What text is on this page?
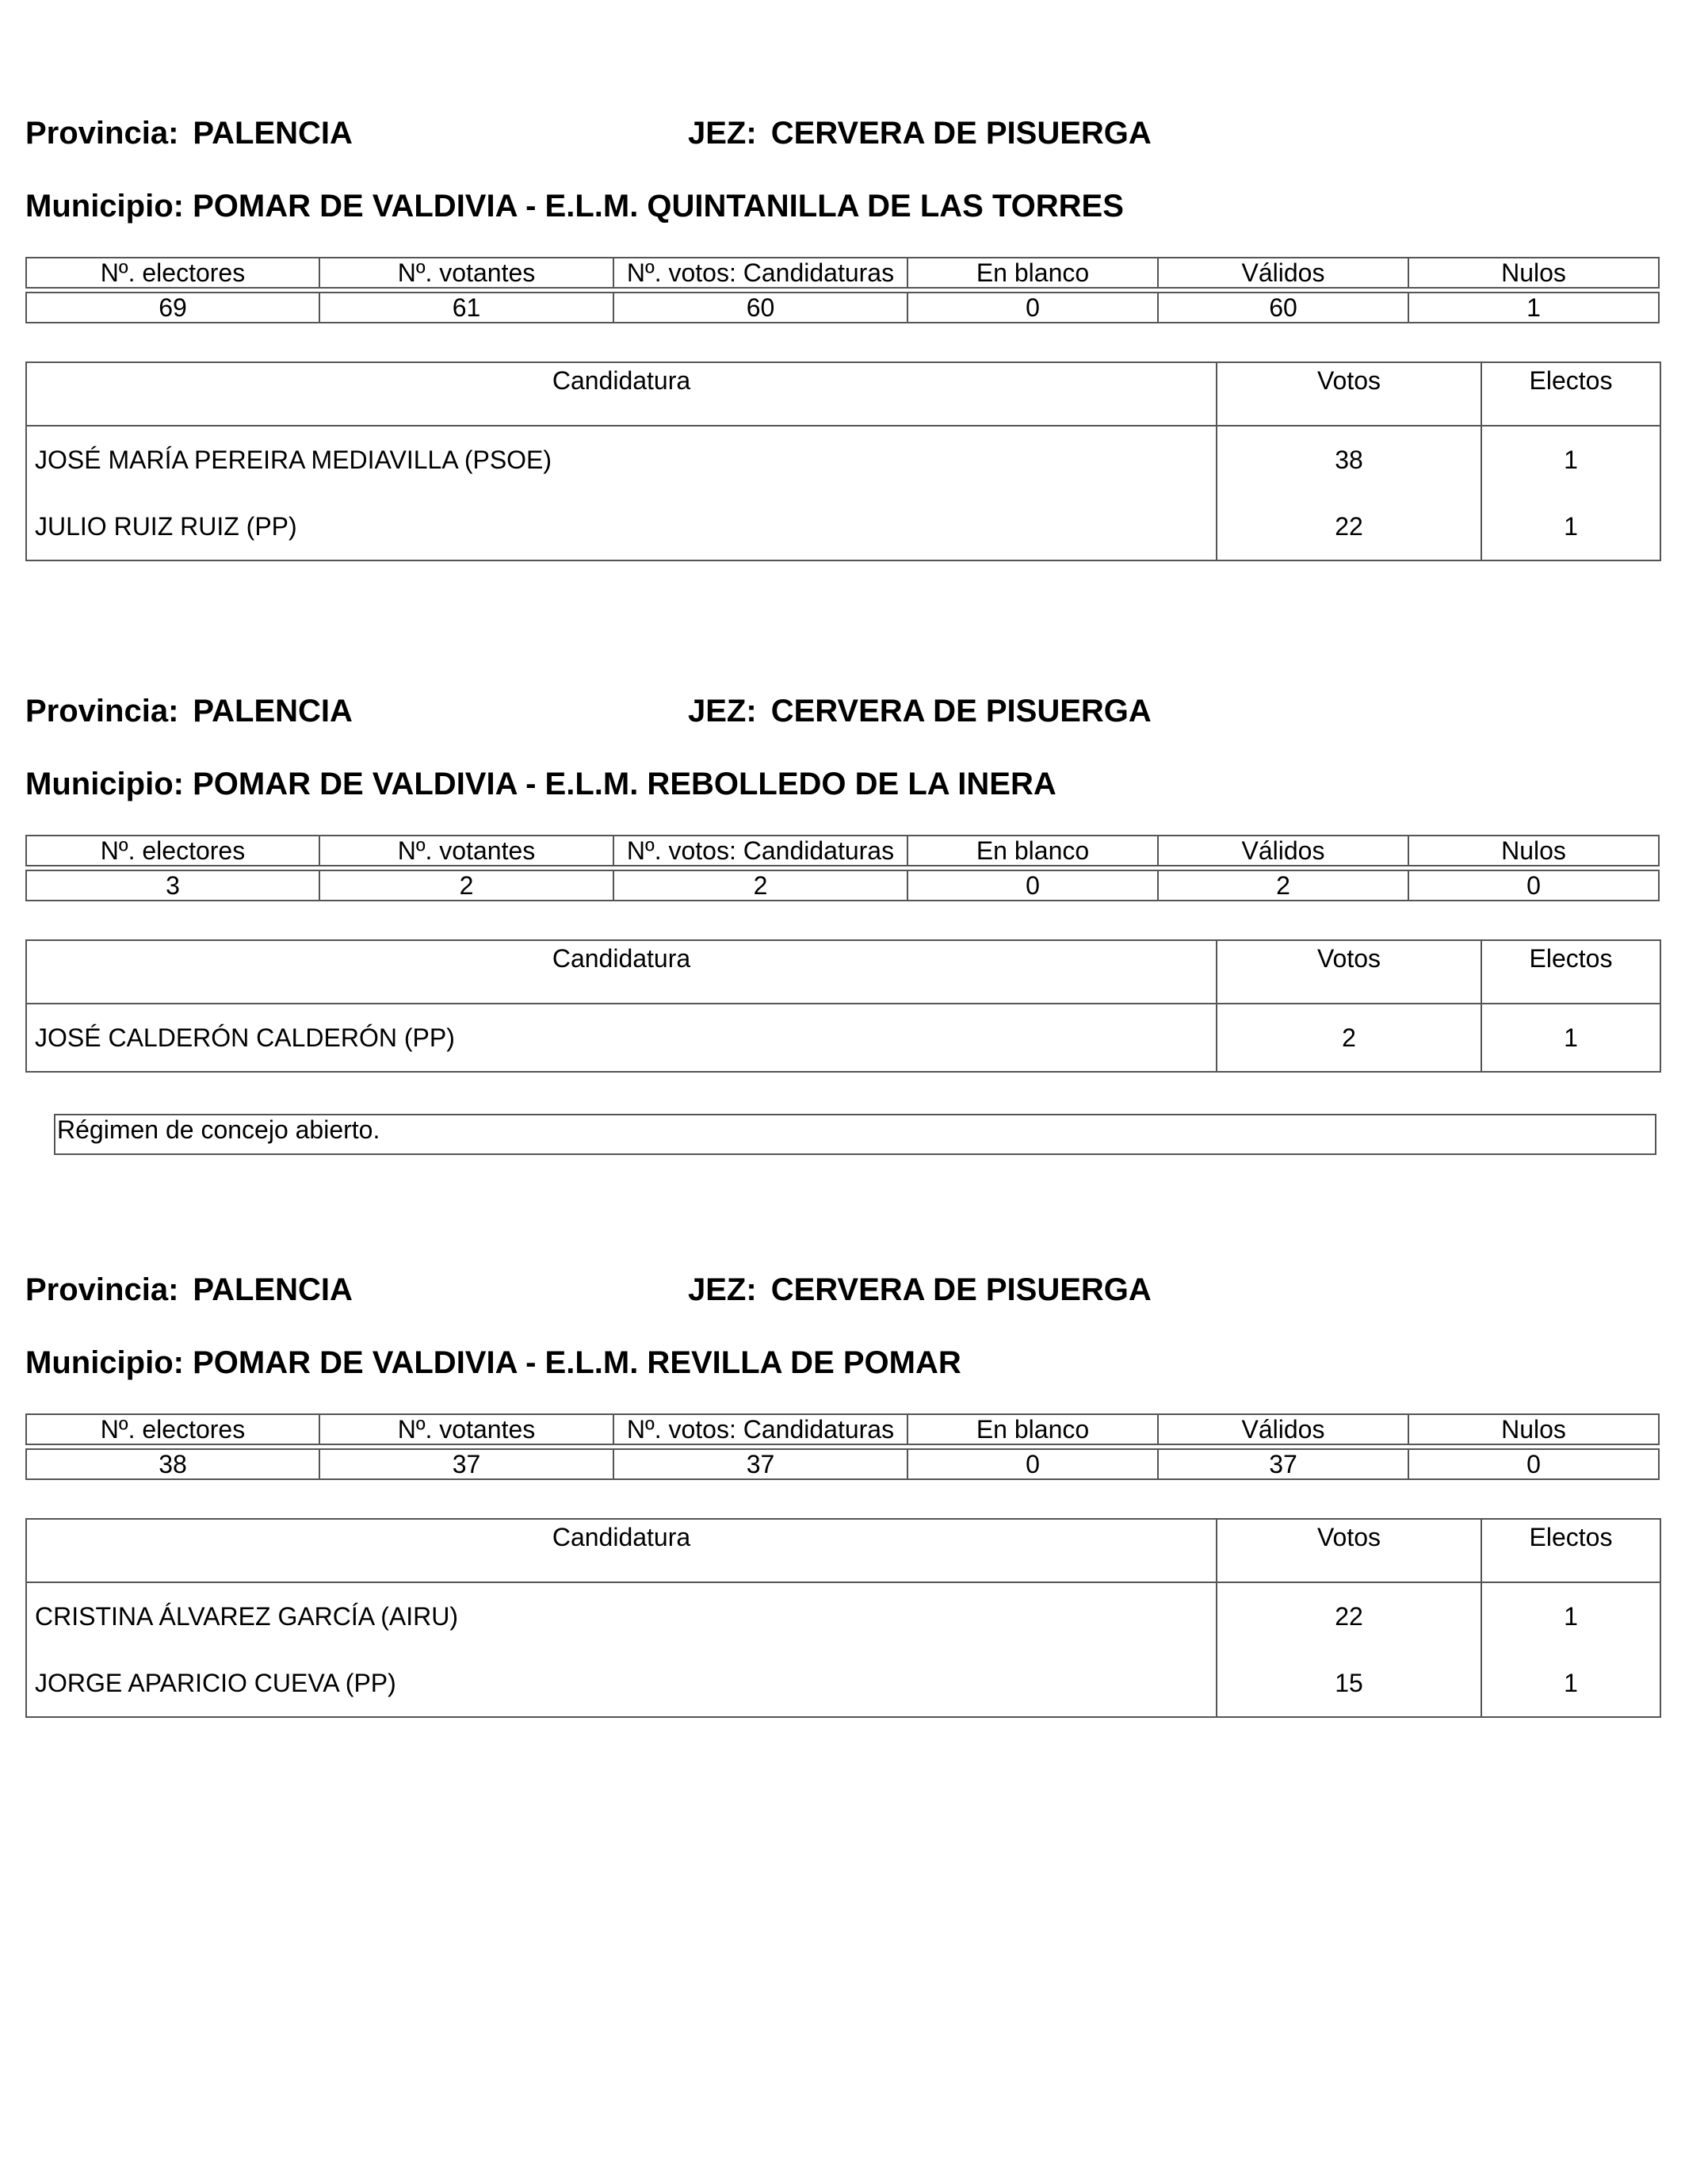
Provincia: PALENCIA	JEZ: CERVERA DE PISUERGA
Municipio: POMAR DE VALDIVIA - E.L.M. QUINTANILLA DE LAS TORRES
Nº. electores	Nº. votantes	Nº. votos: Candidaturas	En blanco	Válidos	Nulos

69	61	60	0	60	1
Candidatura	Votos	Electos
JOSÉ MARÍA PEREIRA MEDIAVILLA (PSOE)	38	1
JULIO RUIZ RUIZ (PP)	22	1
Provincia: PALENCIA	JEZ: CERVERA DE PISUERGA
Municipio: POMAR DE VALDIVIA - E.L.M. REBOLLEDO DE LA INERA
Nº. electores	Nº. votantes	Nº. votos: Candidaturas	En blanco	Válidos	Nulos

3	2	2	0	2	0
Candidatura	Votos	Electos
JOSÉ CALDERÓN CALDERÓN (PP)	2	1
Régimen de concejo abierto.
Provincia: PALENCIA	JEZ: CERVERA DE PISUERGA
Municipio: POMAR DE VALDIVIA - E.L.M. REVILLA DE POMAR
Nº. electores	Nº. votantes	Nº. votos: Candidaturas	En blanco	Válidos	Nulos

38	37	37	0	37	0
Candidatura	Votos	Electos
CRISTINA ÁLVAREZ GARCÍA (AIRU)	22	1
JORGE APARICIO CUEVA (PP)	15	1
